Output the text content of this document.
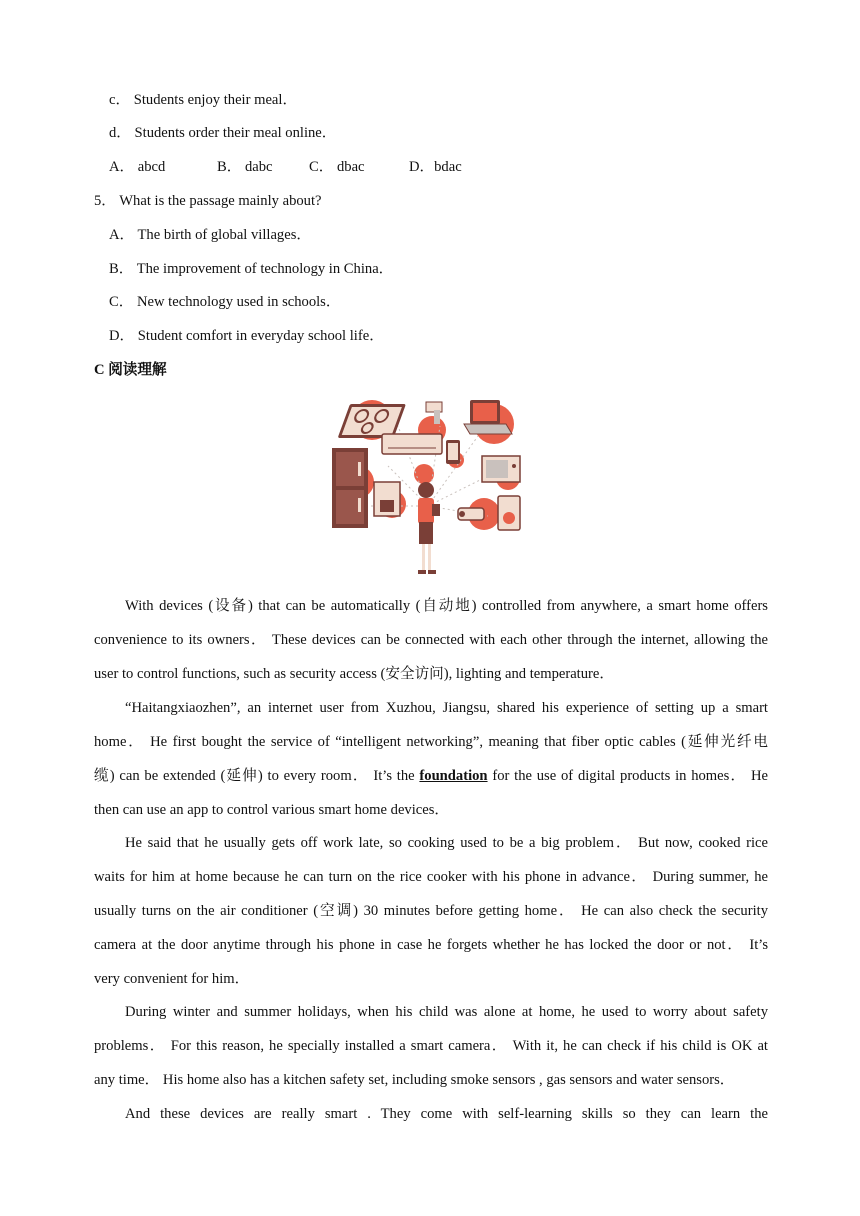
c． Students enjoy their meal．
d． Students order their meal online．
A． abcd	B． dabc C． dbac	D．bdac
5． What is the passage mainly about?
A． The birth of global villages．
B． The improvement of technology in China．
C． New technology used in schools．
D． Student comfort in everyday school life．
C 阅读理解
With devices (设备) that can be automatically (自动地) controlled from anywhere, a smart home offers
convenience to its owners． These devices can be connected with each other through the internet, allowing the
user to control functions, such as security access (安全访问), lighting and temperature．
“Haitangxiaozhen”, an internet user from Xuzhou, Jiangsu, shared his experience of setting up a smart
home． He first bought the service of “intelligent networking”, meaning that fiber optic cables (延伸光纤电
缆) can be extended (延伸) to every room． It’s the foundation for the use of digital products in homes． He
then can use an app to control various smart home devices．
He said that he usually gets off work late, so cooking used to be a big problem． But now, cooked rice
waits for him at home because he can turn on the rice cooker with his phone in advance． During summer, he
usually turns on the air conditioner (空调) 30 minutes before getting home． He can also check the security
camera at the door anytime through his phone in case he forgets whether he has locked the door or not． It’s
very convenient for him．
During winter and summer holidays, when his child was alone at home, he used to worry about safety
problems． For this reason, he specially installed a smart camera． With it, he can check if his child is OK at
any time． His home also has a kitchen safety set, including smoke sensors , gas sensors and water sensors．
And these devices are really smart . They come with self-learning skills so they can learn the
